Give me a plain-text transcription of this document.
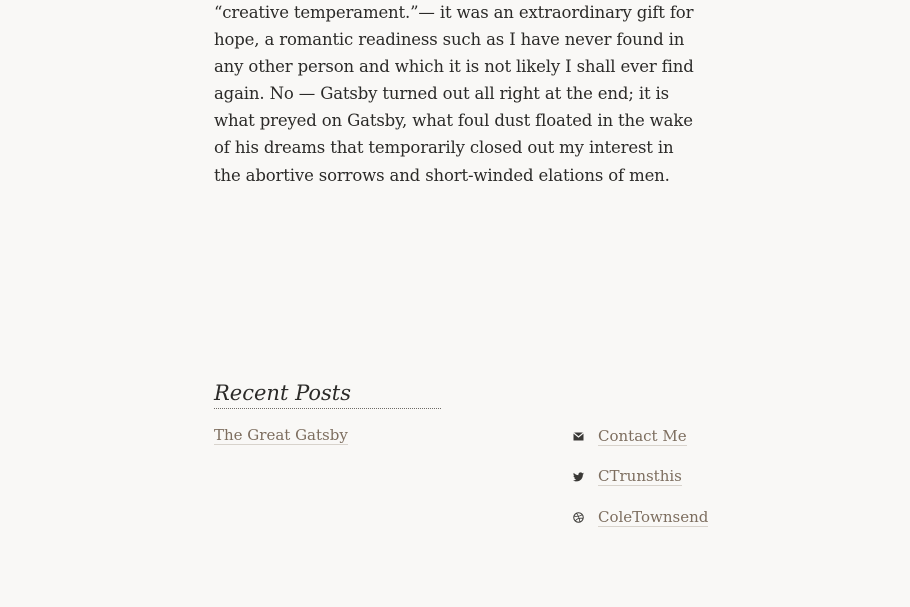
“creative temperament.”— it was an extraordinary gift for hope, a romantic readiness such as I have never found in any other person and which it is not likely I shall ever find again. No — Gatsby turned out all right at the end; it is what preyed on Gatsby, what foul dust floated in the wake of his dreams that temporarily closed out my interest in the abortive sorrows and short-winded elations of men.

Recent Posts
The Great Gatsby	Contact Me
CTrunsthis
ColeTownsend
